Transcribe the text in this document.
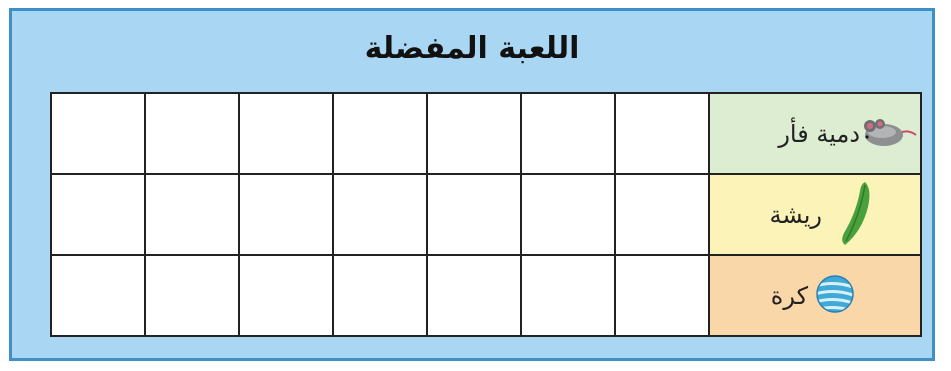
اللعبة المفضلة

							دمية فأر

							ريشة

							كرة
